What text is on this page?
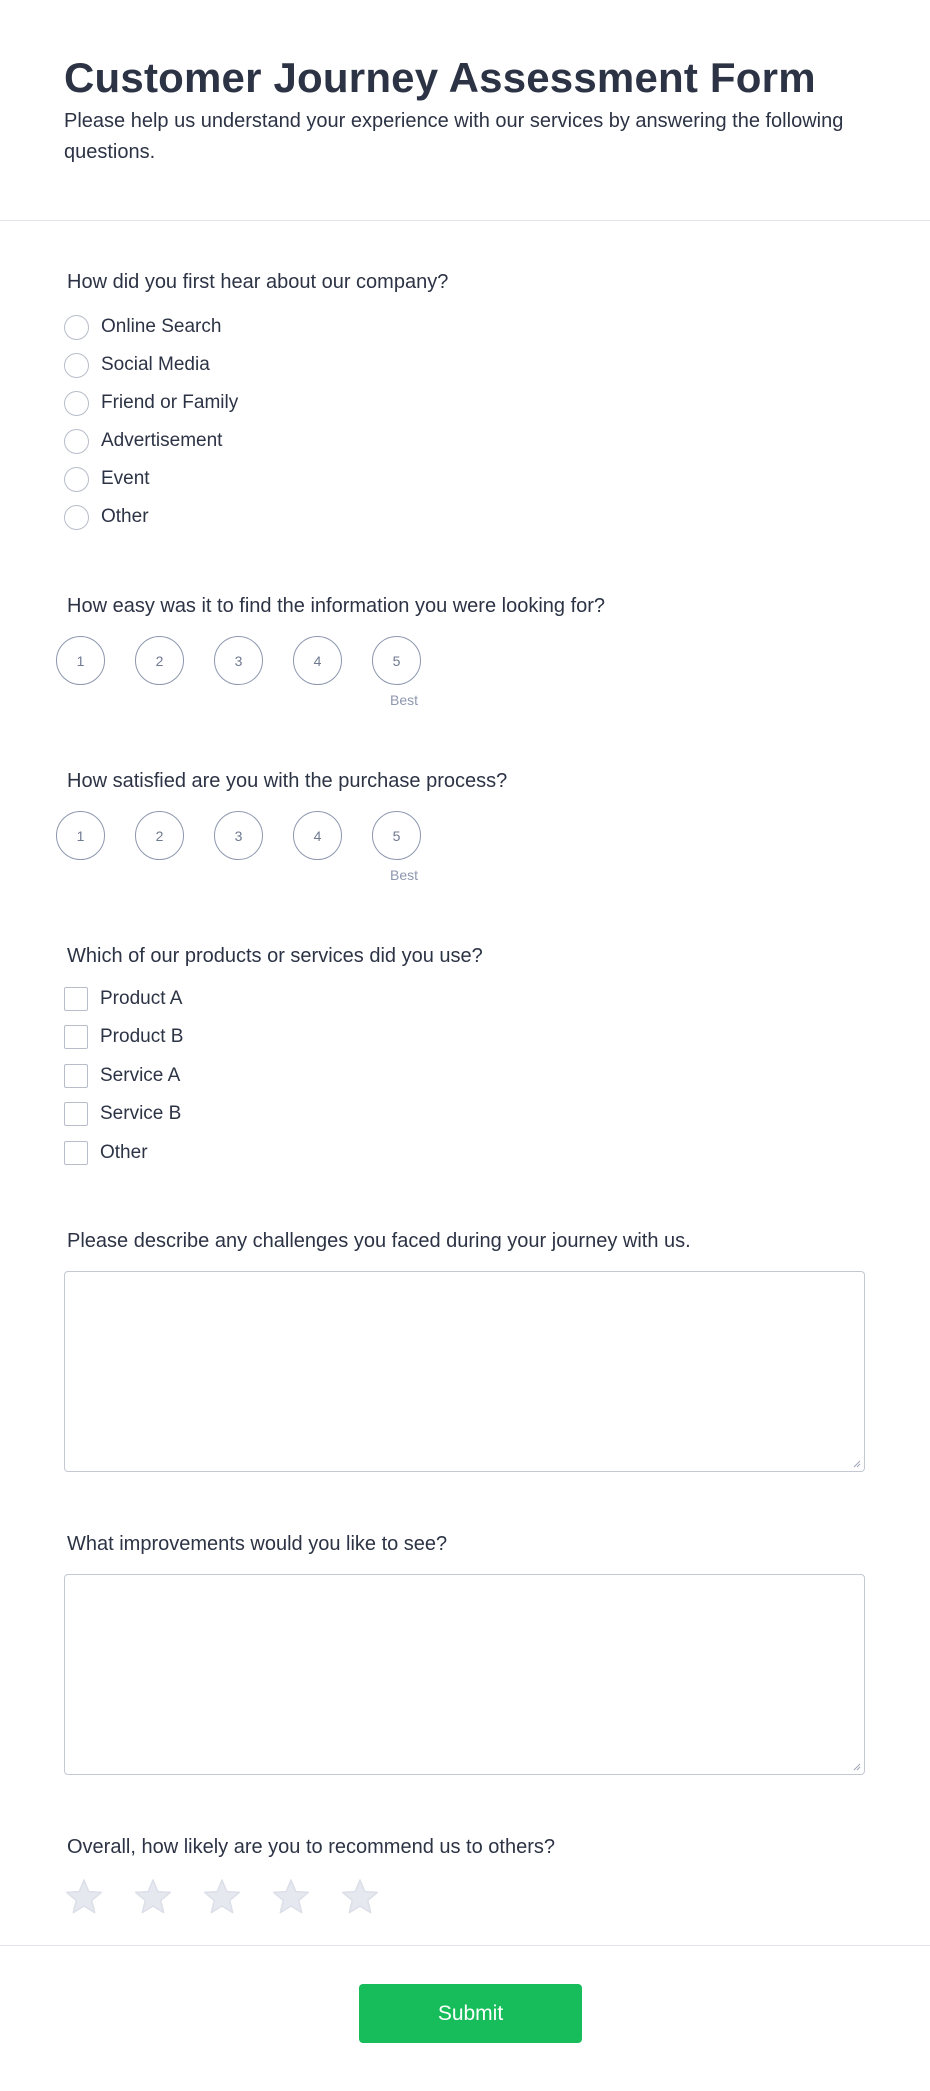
Customer Journey Assessment Form
Please help us understand your experience with our services by answering the following questions.
How did you first hear about our company?
Online Search
Social Media
Friend or Family
Advertisement
Event
Other
How easy was it to find the information you were looking for?
1	2	3	4	5
Best
How satisfied are you with the purchase process?
1	2	3	4	5
Best
Which of our products or services did you use?
Product A
Product B
Service A
Service B
Other
Please describe any challenges you faced during your journey with us.
What improvements would you like to see?
Overall, how likely are you to recommend us to others?
Submit
